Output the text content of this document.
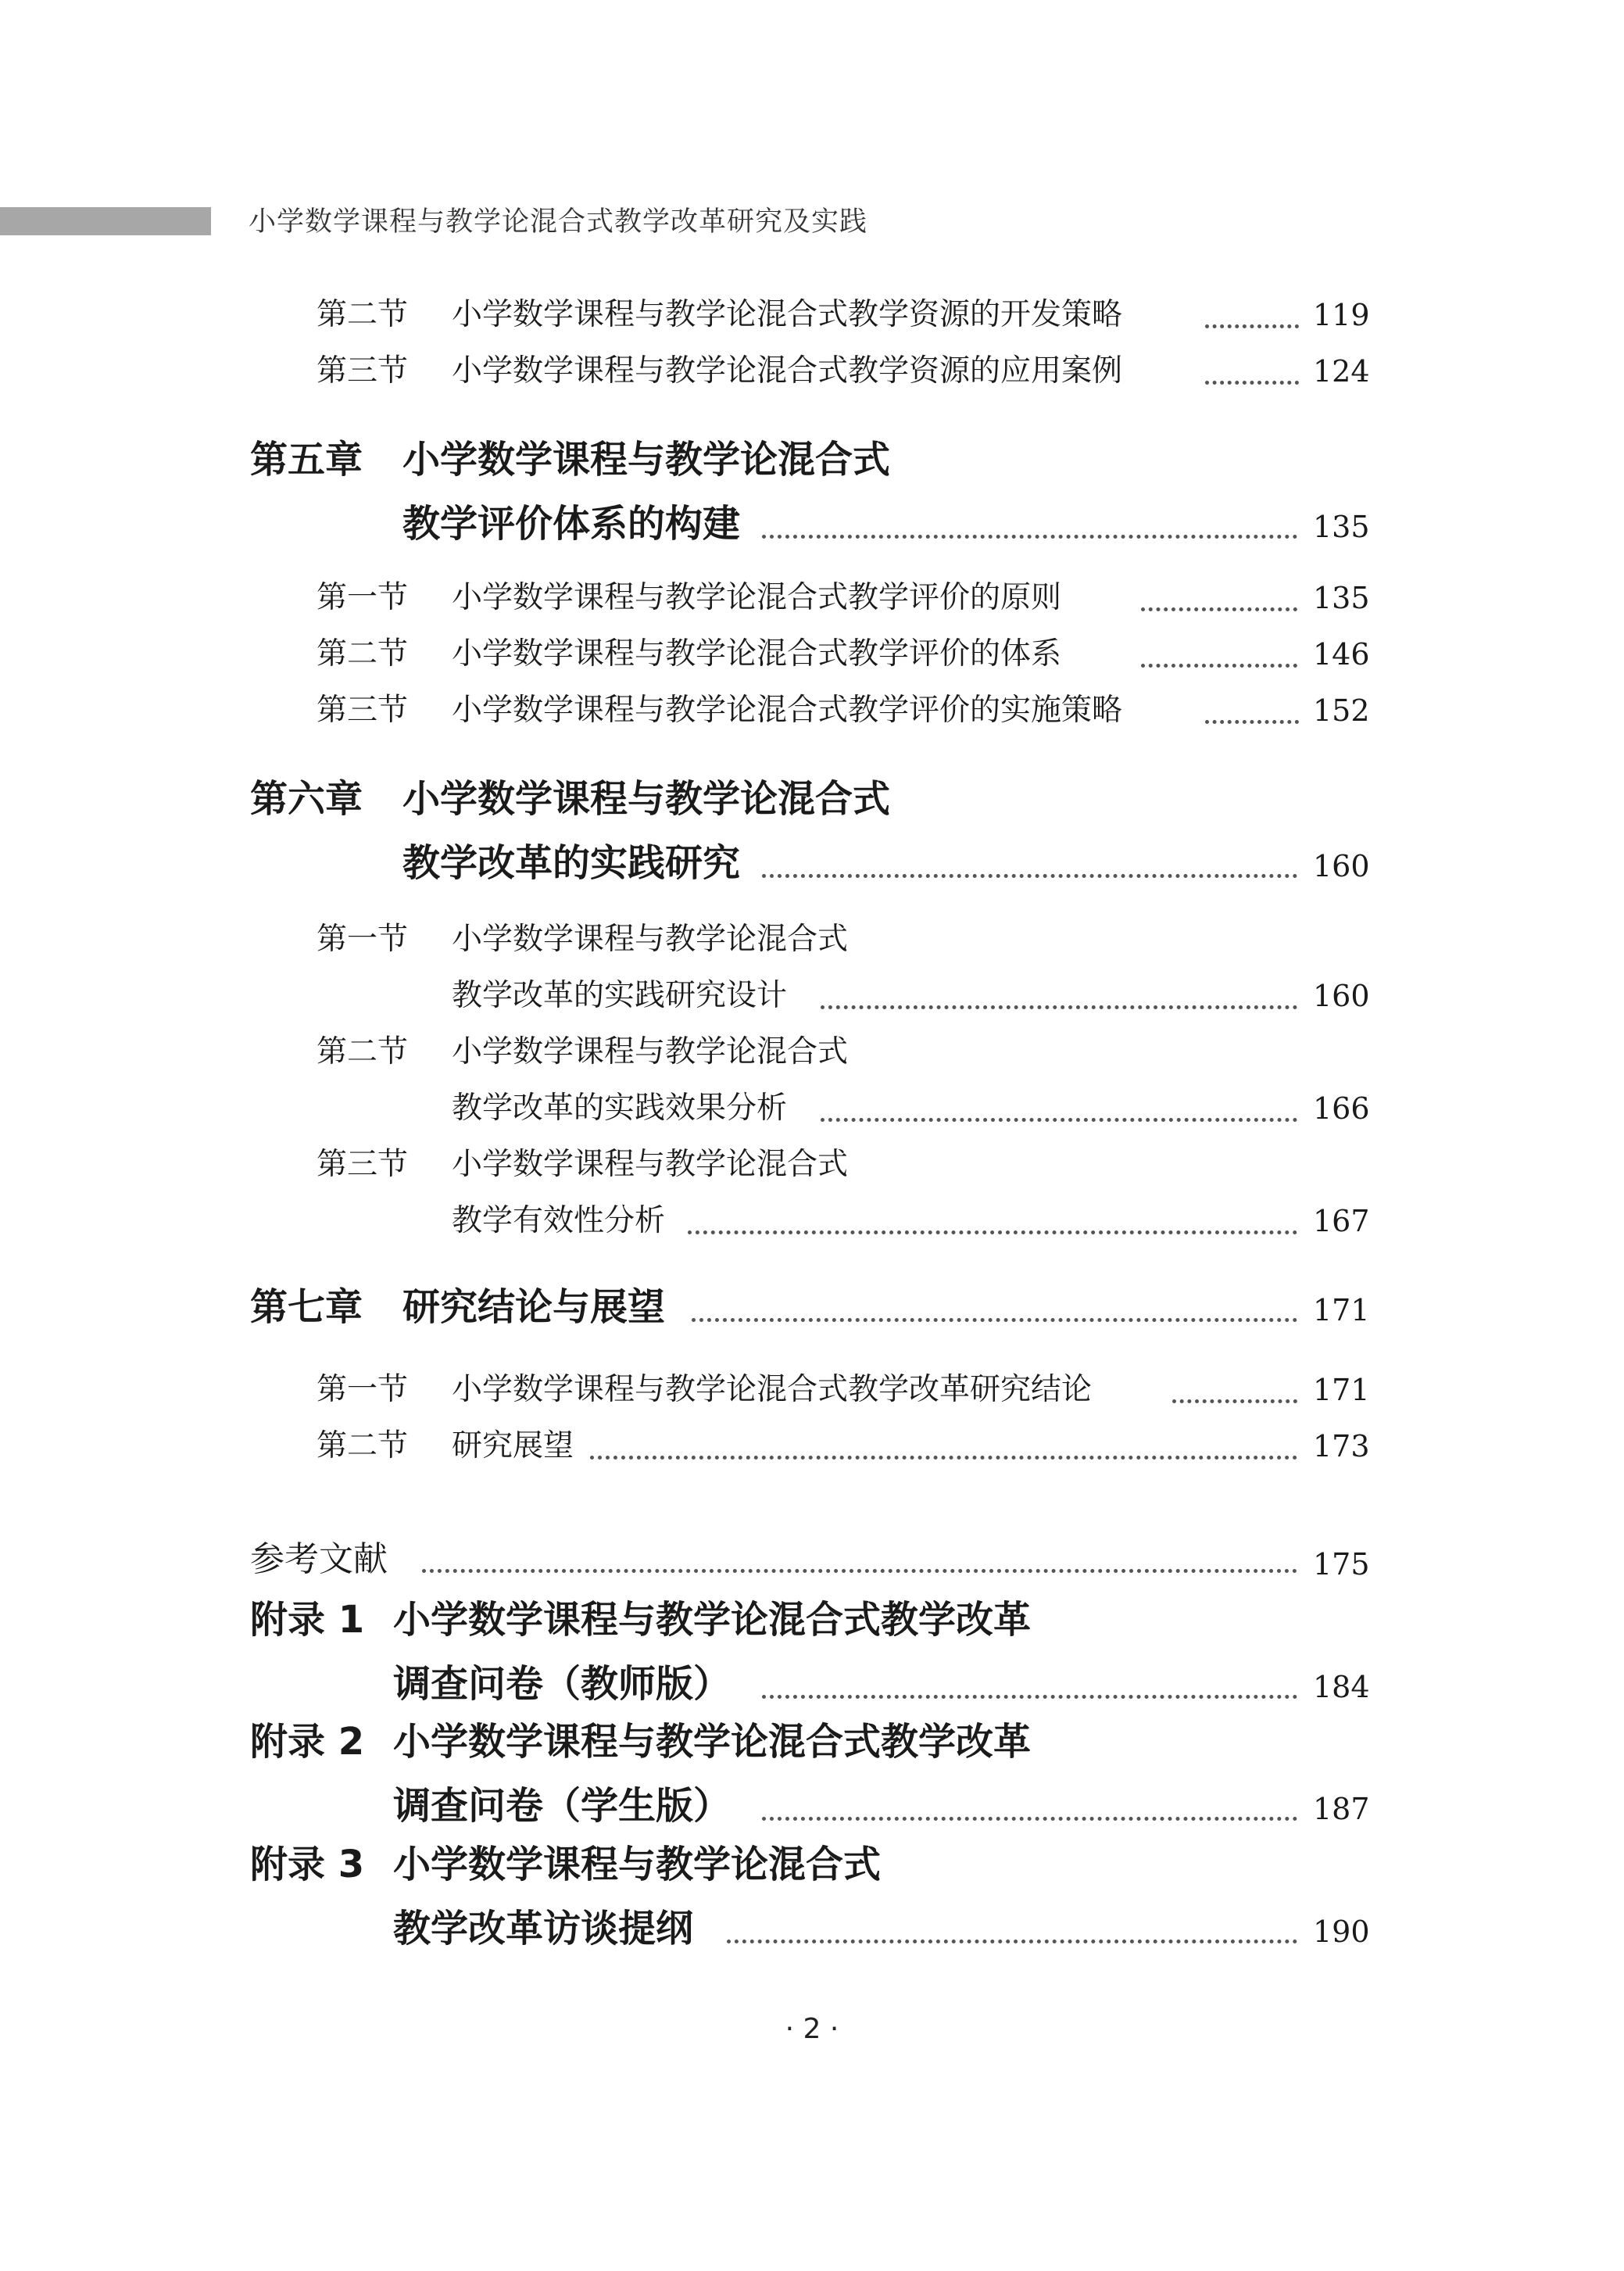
小学数学课程与教学论混合式教学改革研究及实践
第二节 小学数学课程与教学论混合式教学资源的开发策略	119
第三节 小学数学课程与教学论混合式教学资源的应用案例	124
第五章 小学数学课程与教学论混合式
教学评价体系的构建	135
第一节 小学数学课程与教学论混合式教学评价的原则	135
第二节 小学数学课程与教学论混合式教学评价的体系	146
第三节 小学数学课程与教学论混合式教学评价的实施策略	152
第六章 小学数学课程与教学论混合式
教学改革的实践研究	160
第一节 小学数学课程与教学论混合式
教学改革的实践研究设计	160
第二节 小学数学课程与教学论混合式
教学改革的实践效果分析	166
第三节 小学数学课程与教学论混合式
教学有效性分析	167
第七章 研究结论与展望	171
第一节 小学数学课程与教学论混合式教学改革研究结论	171
第二节 研究展望	173
参考文献	175
附录 1 小学数学课程与教学论混合式教学改革
调查问卷（教师版）	184
附录 2 小学数学课程与教学论混合式教学改革
调查问卷（学生版）	187
附录 3 小学数学课程与教学论混合式
教学改革访谈提纲	190
· 2 ·
